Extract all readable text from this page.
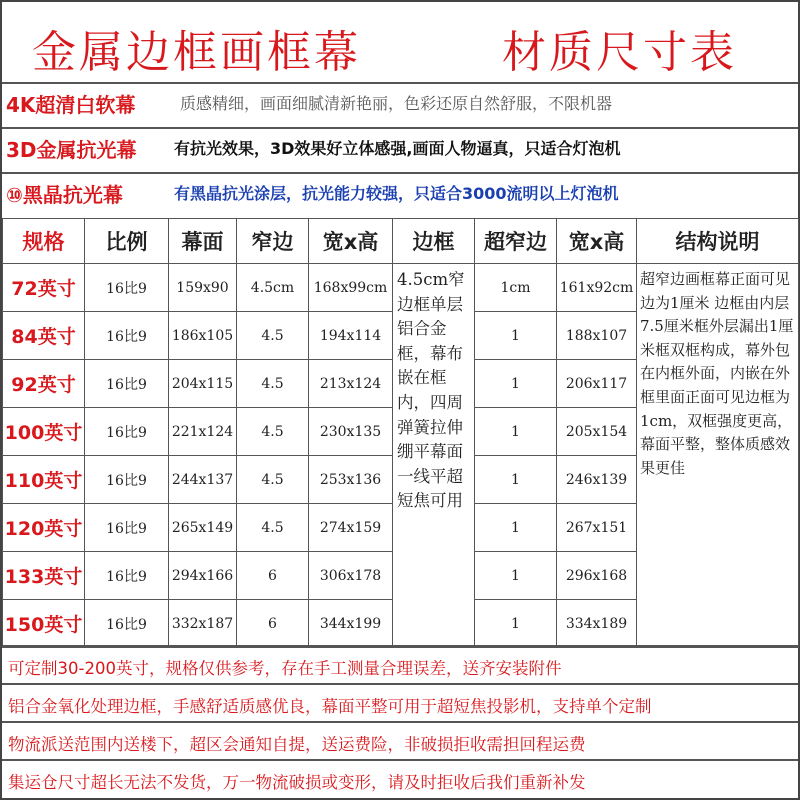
金属边框画框幕	材质尺寸表
4K超清白软幕	质感精细，画面细腻清新艳丽，色彩还原自然舒服，不限机器
3D金属抗光幕 有抗光效果，3D效果好立体感强,画面人物逼真，只适合灯泡机
⑩黑晶抗光幕	有黑晶抗光涂层，抗光能力较强，只适合3000流明以上灯泡机
规格	比例	幕面	窄边	宽x高	边框	超窄边	宽x高	结构说明
72英寸	16比9	159x90	4.5cm	168x99cm	4.5cm窄边框单层铝合金框，幕布嵌在框内，四周弹簧拉伸绷平幕面一线平超短焦可用	1cm	161x92cm	超窄边画框幕正面可见边为1厘米 边框由内层7.5厘米框外层漏出1厘米框双框构成，幕外包在内框外面，内嵌在外框里面正面可见边框为1cm，双框强度更高，幕面平整，整体质感效果更佳
84英寸	16比9	186x105	4.5	194x114		1	188x107	
92英寸	16比9	204x115	4.5	213x124		1	206x117	
100英寸	16比9	221x124	4.5	230x135		1	205x154	
110英寸	16比9	244x137	4.5	253x136		1	246x139	
120英寸	16比9	265x149	4.5	274x159		1	267x151	
133英寸	16比9	294x166	6	306x178		1	296x168	
150英寸	16比9	332x187	6	344x199		1	334x189	
可定制30-200英寸，规格仅供参考，存在手工测量合理误差，送齐安装附件
铝合金氧化处理边框，手感舒适质感优良，幕面平整可用于超短焦投影机，支持单个定制
物流派送范围内送楼下，超区会通知自提，送运费险，非破损拒收需担回程运费
集运仓尺寸超长无法不发货，万一物流破损或变形，请及时拒收后我们重新补发
